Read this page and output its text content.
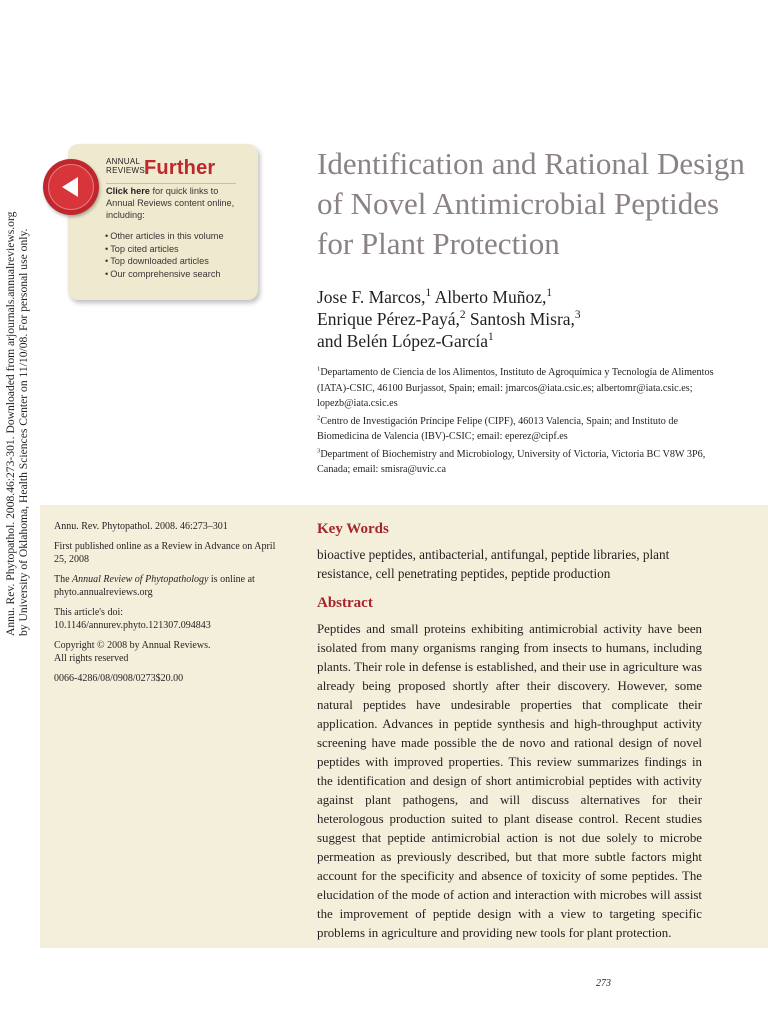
Annu. Rev. Phytopathol. 2008.46:273-301. Downloaded from arjournals.annualreviews.org by University of Oklahoma, Health Sciences Center on 11/10/08. For personal use only.
ANNUAL
REVIEWS Further
Click here for quick links to Annual Reviews content online, including:
• Other articles in this volume
• Top cited articles
• Top downloaded articles
• Our comprehensive search
Identification and Rational Design of Novel Antimicrobial Peptides for Plant Protection

Jose F. Marcos,$^1$ Alberto Muñoz,$^1$
Enrique Pérez-Payá,$^2$ Santosh Misra,$^3$
and Belén López-García$^1$

$^1$Departamento de Ciencia de los Alimentos, Instituto de Agroquímica y Tecnología de Alimentos (IATA)-CSIC, 46100 Burjassot, Spain; email: jmarcos@iata.csic.es; albertomr@iata.csic.es; lopezb@iata.csic.es

$^2$Centro de Investigación Príncipe Felipe (CIPF), 46013 Valencia, Spain; and Instituto de Biomedicina de Valencia (IBV)-CSIC; email: eperez@cipf.es

$^3$Department of Biochemistry and Microbiology, University of Victoria, Victoria BC V8W 3P6, Canada; email: smisra@uvic.ca

Annu. Rev. Phytopathol. 2008. 46:273–301

First published online as a Review in Advance on April 25, 2008

The Annual Review of Phytopathology is online at phyto.annualreviews.org

This article's doi:
10.1146/annurev.phyto.121307.094843

Copyright © 2008 by Annual Reviews.
All rights reserved

0066-4286/08/0908/0273$20.00

Key Words

bioactive peptides, antibacterial, antifungal, peptide libraries, plant resistance, cell penetrating peptides, peptide production

Abstract

Peptides and small proteins exhibiting antimicrobial activity have been isolated from many organisms ranging from insects to humans, including plants. Their role in defense is established, and their use in agriculture was already being proposed shortly after their discovery. However, some natural peptides have undesirable properties that complicate their application. Advances in peptide synthesis and high-throughput activity screening have made possible the de novo and rational design of novel peptides with improved properties. This review summarizes findings in the identification and design of short antimicrobial peptides with activity against plant pathogens, and will discuss alternatives for their heterologous production suited to plant disease control. Recent studies suggest that peptide antimicrobial action is not due solely to microbe permeation as previously described, but that more subtle factors might account for the specificity and absence of toxicity of some peptides. The elucidation of the mode of action and interaction with microbes will assist the improvement of peptide design with a view to targeting specific problems in agriculture and providing new tools for plant protection.

273
